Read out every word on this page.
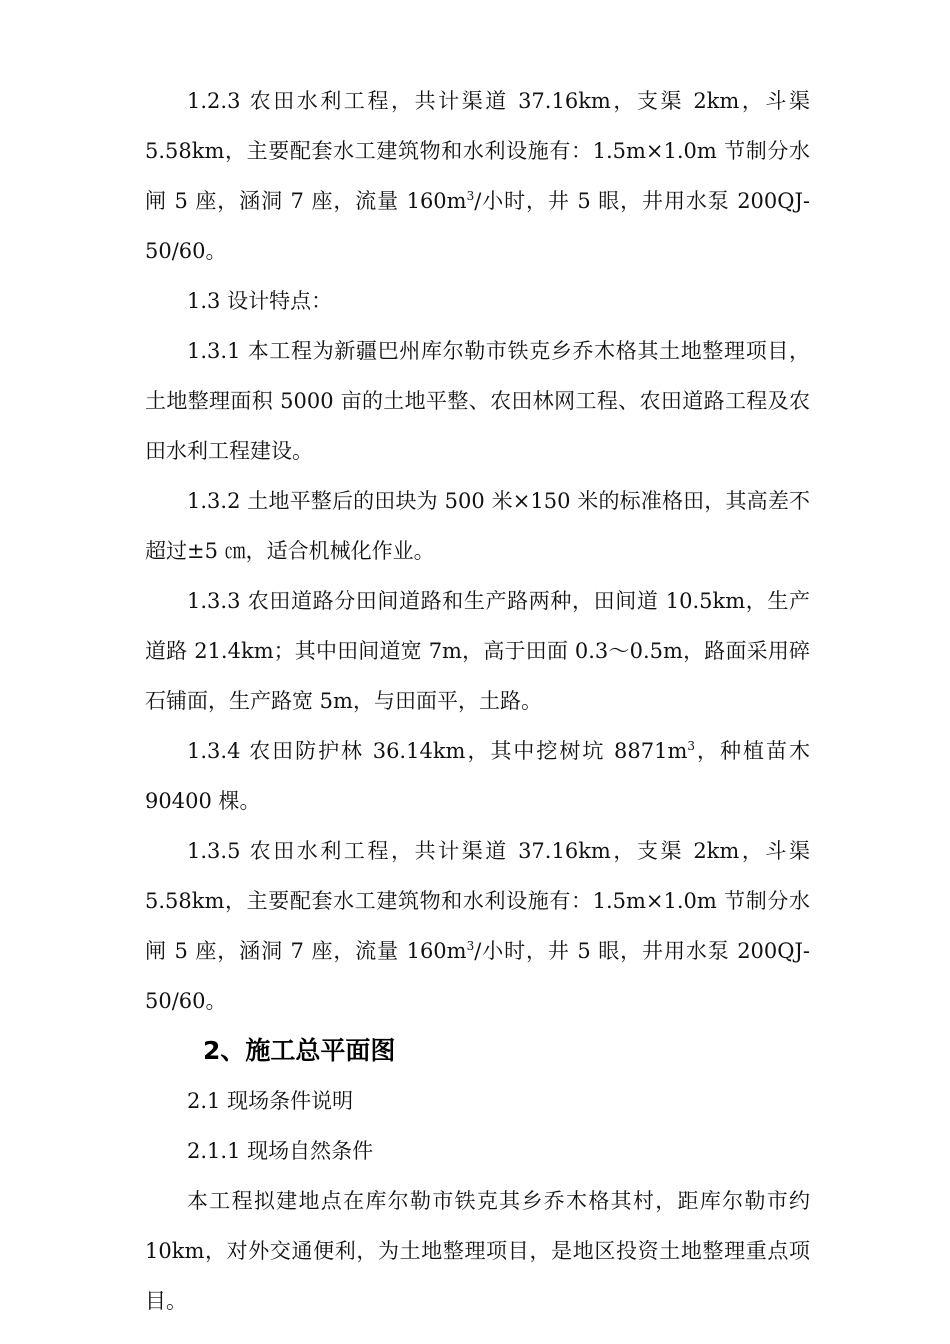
1.2.3 农田水利工程，共计渠道 37.16km，支渠 2km，斗渠 5.58km，主要配套水工建筑物和水利设施有：1.5m×1.0m 节制分水闸 5 座，涵洞 7 座，流量 $160m^3/$小时，井 5 眼，井用水泵 200QJ-50/60。

1.3 设计特点：

1.3.1 本工程为新疆巴州库尔勒市铁克乡乔木格其土地整理项目，土地整理面积 5000 亩的土地平整、农田林网工程、农田道路工程及农田水利工程建设。

1.3.2 土地平整后的田块为 500 米×150 米的标准格田，其高差不超过±5 ㎝，适合机械化作业。

1.3.3 农田道路分田间道路和生产路两种，田间道 10.5km，生产道路 21.4km；其中田间道宽 7m，高于田面 0.3～0.5m，路面采用碎石铺面，生产路宽 5m，与田面平，土路。

1.3.4 农田防护林 36.14km，其中挖树坑 $8871m^3$，种植苗木 90400 棵。

1.3.5 农田水利工程，共计渠道 37.16km，支渠 2km，斗渠 5.58km，主要配套水工建筑物和水利设施有：1.5m×1.0m 节制分水闸 5 座，涵洞 7 座，流量 $160m^3/$小时，井 5 眼，井用水泵 200QJ-50/60。

2、施工总平面图

2.1 现场条件说明

2.1.1 现场自然条件

本工程拟建地点在库尔勒市铁克其乡乔木格其村，距库尔勒市约 10km，对外交通便利，为土地整理项目，是地区投资土地整理重点项目。
